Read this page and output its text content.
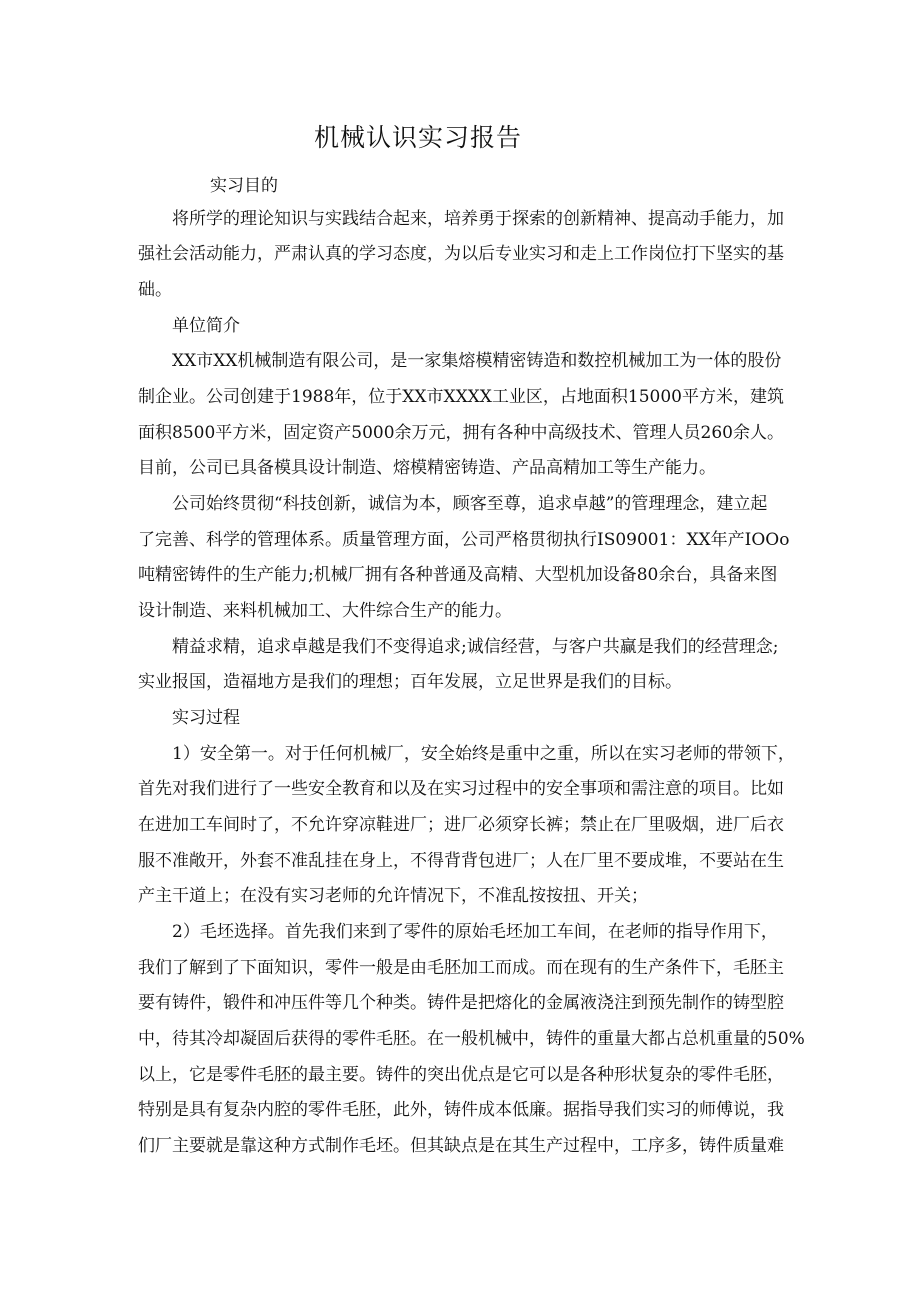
机械认识实习报告
实习目的
将所学的理论知识与实践结合起来，培养勇于探索的创新精神、提高动手能力，加
强社会活动能力，严肃认真的学习态度，为以后专业实习和走上工作岗位打下坚实的基
础。
单位简介
XX市XX机械制造有限公司，是一家集熔模精密铸造和数控机械加工为一体的股份
制企业。公司创建于1988年，位于XX市XXXX工业区，占地面积15000平方米，建筑
面积8500平方米，固定资产5000余万元，拥有各种中高级技术、管理人员260余人。
目前，公司已具备模具设计制造、熔模精密铸造、产品高精加工等生产能力。
公司始终贯彻“科技创新，诚信为本，顾客至尊，追求卓越”的管理理念，建立起
了完善、科学的管理体系。质量管理方面，公司严格贯彻执行IS09001：XX年产IOOo
吨精密铸件的生产能力;机械厂拥有各种普通及高精、大型机加设备80余台，具备来图
设计制造、来料机械加工、大件综合生产的能力。
精益求精，追求卓越是我们不变得追求;诚信经营，与客户共赢是我们的经营理念;
实业报国，造福地方是我们的理想；百年发展，立足世界是我们的目标。
实习过程
1）安全第一。对于任何机械厂，安全始终是重中之重，所以在实习老师的带领下，
首先对我们进行了一些安全教育和以及在实习过程中的安全事项和需注意的项目。比如
在进加工车间时了，不允许穿凉鞋进厂；进厂必须穿长裤；禁止在厂里吸烟，进厂后衣
服不准敞开，外套不准乱挂在身上，不得背背包进厂；人在厂里不要成堆，不要站在生
产主干道上；在没有实习老师的允许情况下，不准乱按按扭、开关；
2）毛坯选择。首先我们来到了零件的原始毛坯加工车间，在老师的指导作用下，
我们了解到了下面知识，零件一般是由毛胚加工而成。而在现有的生产条件下，毛胚主
要有铸件，锻件和冲压件等几个种类。铸件是把熔化的金属液浇注到预先制作的铸型腔
中，待其冷却凝固后获得的零件毛胚。在一般机械中，铸件的重量大都占总机重量的50%
以上，它是零件毛胚的最主要。铸件的突出优点是它可以是各种形状复杂的零件毛胚，
特别是具有复杂内腔的零件毛胚，此外，铸件成本低廉。据指导我们实习的师傅说，我
们厂主要就是靠这种方式制作毛坯。但其缺点是在其生产过程中，工序多，铸件质量难
